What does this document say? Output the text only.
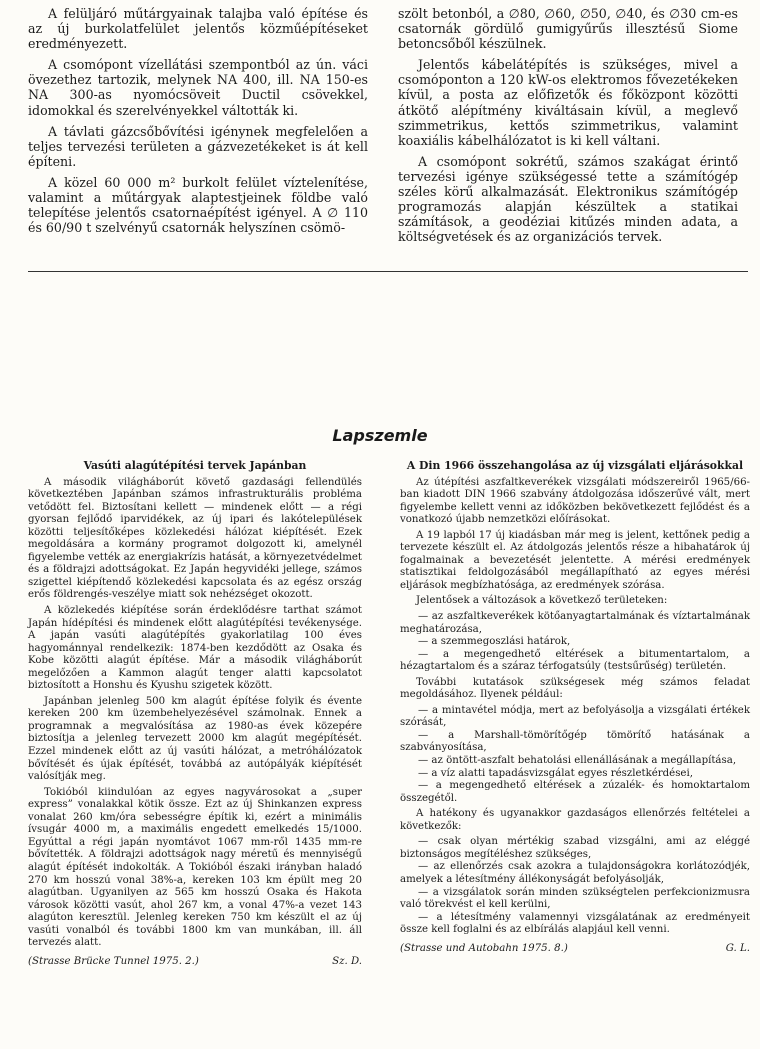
A felüljáró műtárgyainak talajba való építése és az új burkolatfelület jelentős közműépítéseket eredményezett.

A csomópont vízellátási szempontból az ún. váci övezethez tartozik, melynek NA 400, ill. NA 150-es NA 300-as nyomócsöveit Ductil csövekkel, idomokkal és szerelvényekkel váltották ki.

A távlati gázcsőbővítési igénynek megfelelően a teljes tervezési területen a gázvezetékeket is át kell építeni.

A közel 60 000 m² burkolt felület víztelenítése, valamint a műtárgyak alaptestjeinek földbe való telepítése jelentős csatornaépítést igényel. A ∅ 110 és 60/90 t szelvényű csatornák helyszínen csömö-

szölt betonból, a ∅80, ∅60, ∅50, ∅40, és ∅30 cm-es csatornák gördülő gumigyűrűs illesztésű Siome betoncsőből készülnek.

Jelentős kábelátépítés is szükséges, mivel a csomóponton a 120 kW-os elektromos fővezetékeken kívül, a posta az előfizetők és főközpont közötti átkötő alépítmény kiváltásain kívül, a meglevő szimmetrikus, kettős szimmetrikus, valamint koaxiális kábelhálózatot is ki kell váltani.

A csomópont sokrétű, számos szakágat érintő tervezési igénye szükségessé tette a számítógép széles körű alkalmazását. Elektronikus számítógép programozás alapján készültek a statikai számítások, a geodéziai kitűzés minden adata, a költségvetések és az organizációs tervek.

Lapszemle
Vasúti alagútépítési tervek Japánban

A második világháborút követő gazdasági fellendülés következtében Japánban számos infrastrukturális probléma vetődött fel. Biztosítani kellett — mindenek előtt — a régi gyorsan fejlődő iparvidékek, az új ipari és lakótelepülések közötti teljesítőképes közlekedési hálózat kiépítését. Ezek megoldására a kormány programot dolgozott ki, amelynél figyelembe vették az energiakrízis hatását, a környezetvédelmet és a földrajzi adottságokat. Ez Japán hegyvidéki jellege, számos szigettel kiépítendő közlekedési kapcsolata és az egész ország erős földrengés-veszélye miatt sok nehézséget okozott.

A közlekedés kiépítése során érdeklődésre tarthat számot Japán hídépítési és mindenek előtt alagútépítési tevékenysége. A japán vasúti alagútépítés gyakorlatilag 100 éves hagyománnyal rendelkezik: 1874-ben kezdődött az Osaka és Kobe közötti alagút építése. Már a második világháborút megelőzően a Kammon alagút tenger alatti kapcsolatot biztosított a Honshu és Kyushu szigetek között.

Japánban jelenleg 500 km alagút építése folyik és évente kereken 200 km üzembehelyezésével számolnak. Ennek a programnak a megvalósítása az 1980-as évek közepére biztosítja a jelenleg tervezett 2000 km alagút megépítését. Ezzel mindenek előtt az új vasúti hálózat, a metróhálózatok bővítését és újak építését, továbbá az autópályák kiépítését valósítják meg.

Tokióból kiindulóan az egyes nagyvárosokat a „super express” vonalakkal kötik össze. Ezt az új Shinkanzen express vonalat 260 km/óra sebességre építik ki, ezért a minimális ívsugár 4000 m, a maximális engedett emelkedés 15/1000. Egyúttal a régi japán nyomtávot 1067 mm-ről 1435 mm-re bővítették. A földrajzi adottságok nagy méretű és mennyiségű alagút építését indokolták. A Tokióból északi irányban haladó 270 km hosszú vonal 38%-a, kereken 103 km épült meg 20 alagútban. Ugyanilyen az 565 km hosszú Osaka és Hakota városok közötti vasút, ahol 267 km, a vonal 47%-a vezet 143 alagúton keresztül. Jelenleg kereken 750 km készült el az új vasúti vonalból és további 1800 km van munkában, ill. áll tervezés alatt.

(Strasse Brücke Tunnel 1975. 2.)	Sz. D.
A Din 1966 összehangolása az új vizsgálati eljárásokkal

Az útépítési aszfaltkeverékek vizsgálati módszereiről 1965/66-ban kiadott DIN 1966 szabvány átdolgozása időszerűvé vált, mert figyelembe kellett venni az időközben bekövetkezett fejlődést és a vonatkozó újabb nemzetközi előírásokat.

A 19 lapból 17 új kiadásban már meg is jelent, kettőnek pedig a tervezete készült el. Az átdolgozás jelentős része a hibahatárok új fogalmainak a bevezetését jelentette. A mérési eredmények statisztikai feldolgozásából megállapítható az egyes mérési eljárások megbízhatósága, az eredmények szórása.

Jelentősek a változások a következő területeken:

— az aszfaltkeverékek kötőanyagtartalmának és víztartalmának meghatározása,

— a szemmegoszlási határok,

— a megengedhető eltérések a bitumentartalom, a hézagtartalom és a száraz térfogatsúly (testsűrűség) területén.

További kutatások szükségesek még számos feladat megoldásához. Ilyenek például:

— a mintavétel módja, mert az befolyásolja a vizsgálati értékek szórását,

— a Marshall-tömörítőgép tömörítő hatásának a szabványosítása,

— az öntött-aszfalt behatolási ellenállásának a megállapítása,

— a víz alatti tapadásvizsgálat egyes részletkérdései,

— a megengedhető eltérések a zúzalék- és homoktartalom összegétől.

A hatékony és ugyanakkor gazdaságos ellenőrzés feltételei a következők:

— csak olyan mértékig szabad vizsgálni, ami az eléggé biztonságos megítéléshez szükséges,

— az ellenőrzés csak azokra a tulajdonságokra korlátozódjék, amelyek a létesítmény állékonyságát befolyásolják,

— a vizsgálatok során minden szükségtelen perfekcionizmusra való törekvést el kell kerülni,

— a létesítmény valamennyi vizsgálatának az eredményeit össze kell foglalni és az elbírálás alapjául kell venni.

(Strasse und Autobahn 1975. 8.)	G. L.
